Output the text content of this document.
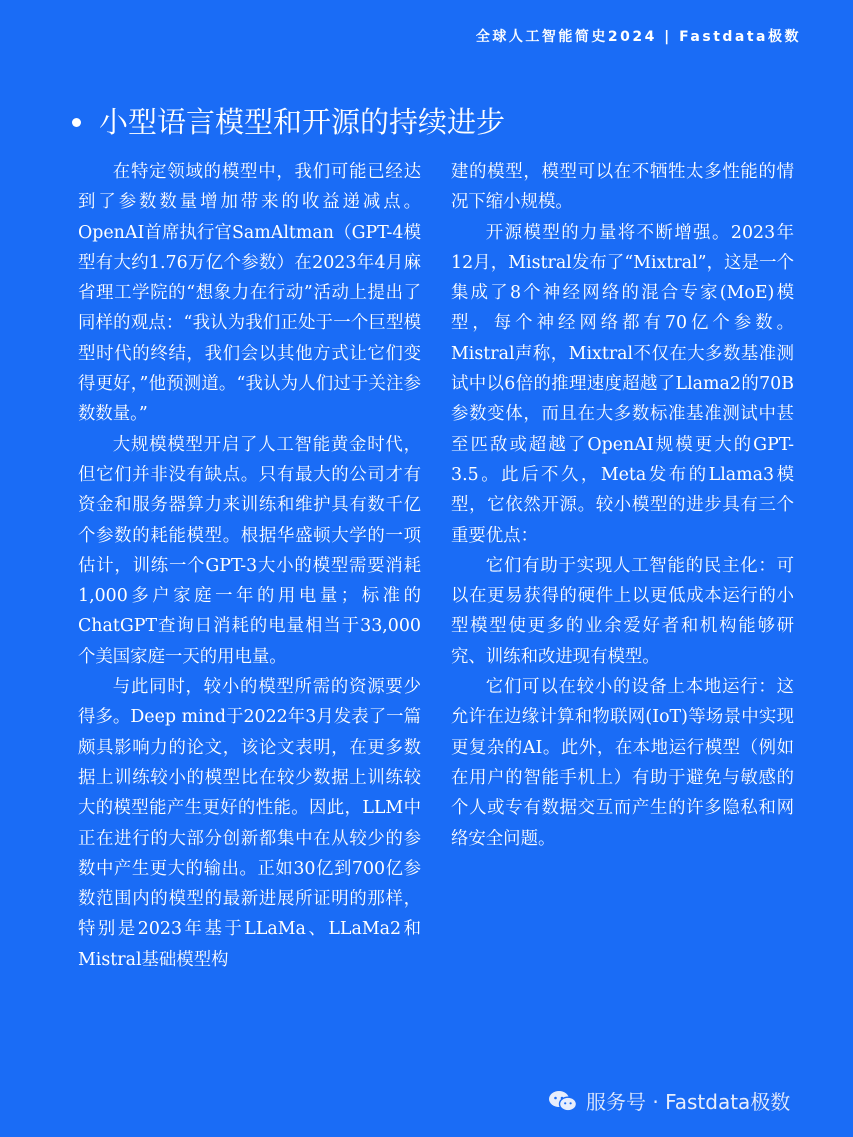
全球人工智能简史2024 | Fastdata极数
小型语言模型和开源的持续进步

在特定领域的模型中，我们可能已经达到了参数数量增加带来的收益递减点。OpenAI首席执行官SamAltman（GPT-4模型有大约1.76万亿个参数）在2023年4月麻省理工学院的“想象力在行动”活动上提出了同样的观点：“我认为我们正处于一个巨型模型时代的终结，我们会以其他方式让它们变得更好，”他预测道。“我认为人们过于关注参数数量。”

大规模模型开启了人工智能黄金时代，但它们并非没有缺点。只有最大的公司才有资金和服务器算力来训练和维护具有数千亿个参数的耗能模型。根据华盛顿大学的一项估计，训练一个GPT-3大小的模型需要消耗1,000多户家庭一年的用电量；标准的ChatGPT查询日消耗的电量相当于33,000个美国家庭一天的用电量。

与此同时，较小的模型所需的资源要少得多。Deep mind于2022年3月发表了一篇颇具影响力的论文，该论文表明，在更多数据上训练较小的模型比在较少数据上训练较大的模型能产生更好的性能。因此，LLM中正在进行的大部分创新都集中在从较少的参数中产生更大的输出。正如30亿到700亿参数范围内的模型的最新进展所证明的那样，特别是2023年基于LLaMa、LLaMa2和Mistral基础模型构

建的模型，模型可以在不牺牲太多性能的情况下缩小规模。

开源模型的力量将不断增强。2023年12月，Mistral发布了“Mixtral”，这是一个集成了8个神经网络的混合专家(MoE)模型，每个神经网络都有70亿个参数。Mistral声称，Mixtral不仅在大多数基准测试中以6倍的推理速度超越了Llama2的70B参数变体，而且在大多数标准基准测试中甚至匹敌或超越了OpenAI规模更大的GPT-3.5。此后不久，Meta发布的Llama3模型，它依然开源。较小模型的进步具有三个重要优点：

它们有助于实现人工智能的民主化：可以在更易获得的硬件上以更低成本运行的小型模型使更多的业余爱好者和机构能够研究、训练和改进现有模型。

它们可以在较小的设备上本地运行：这允许在边缘计算和物联网(IoT)等场景中实现更复杂的AI。此外，在本地运行模型（例如在用户的智能手机上）有助于避免与敏感的个人或专有数据交互而产生的许多隐私和网络安全问题。

服务号 · Fastdata极数
